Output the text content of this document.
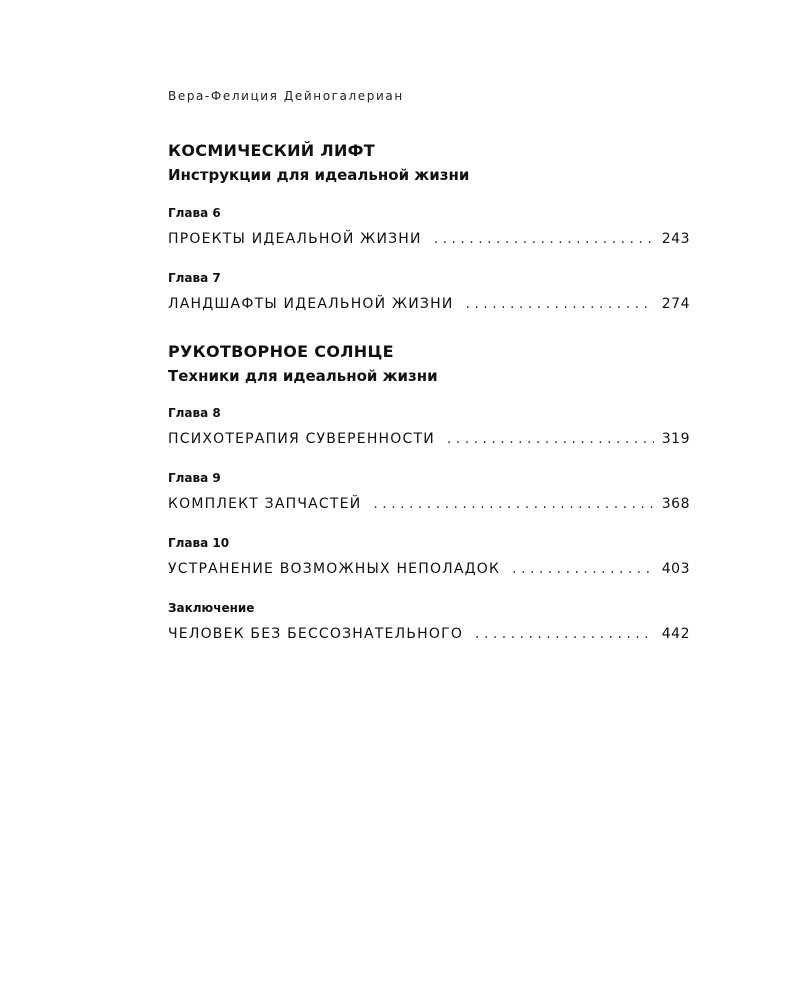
Вера-Фелиция Дейногалериан
КОСМИЧЕСКИЙ ЛИФТ
Инструкции для идеальной жизни
Глава 6
ПРОЕКТЫ ИДЕАЛЬНОЙ ЖИЗНИ . . .	243
Глава 7
ЛАНДШАФТЫ ИДЕАЛЬНОЙ ЖИЗНИ . . .	274
РУКОТВОРНОЕ СОЛНЦЕ
Техники для идеальной жизни
Глава 8
ПСИХОТЕРАПИЯ СУВЕРЕННОСТИ . . .	319
Глава 9
КОМПЛЕКТ ЗАПЧАСТЕЙ . . .	368
Глава 10
УСТРАНЕНИЕ ВОЗМОЖНЫХ НЕПОЛАДОК . . .	403
Заключение
ЧЕЛОВЕК БЕЗ БЕССОЗНАТЕЛЬНОГО . . .	442
